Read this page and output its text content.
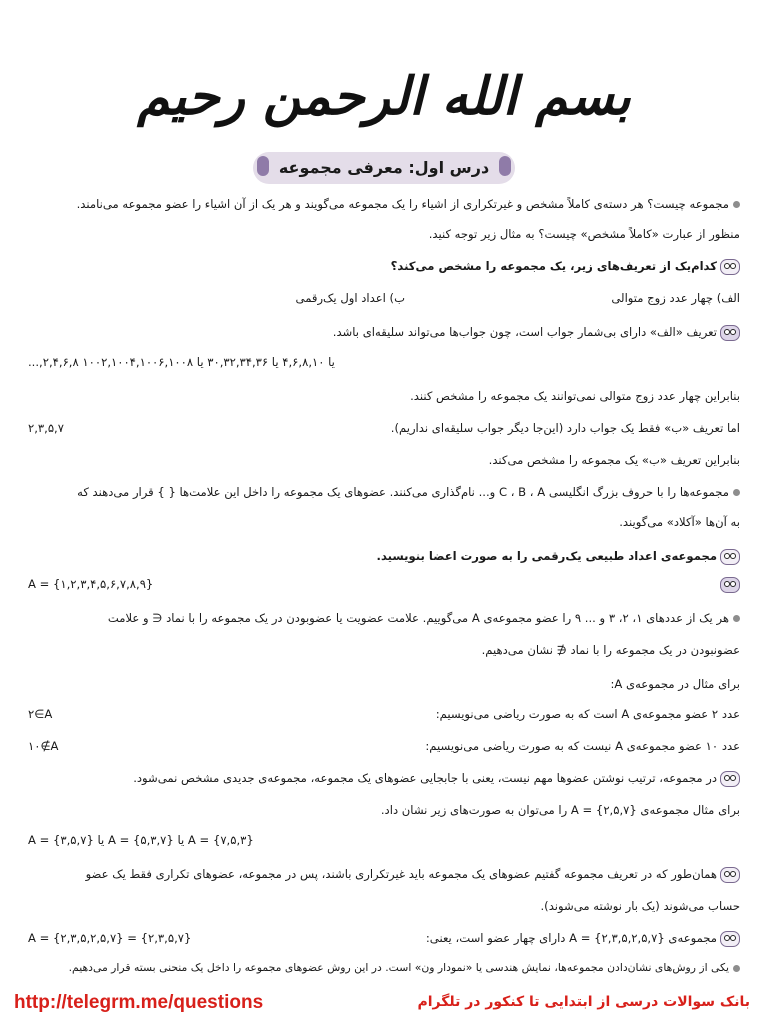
بسم الله الرحمن رحیم
درس اول: معرفی مجموعه
مجموعه چیست؟ هر دسته‌ی کاملاً مشخص و غیرتکراری از اشیاء را یک مجموعه می‌گویند و هر یک از آن اشیاء را عضو مجموعه می‌نامند.
منظور از عبارت «کاملاً مشخص» چیست؟ به مثال زیر توجه کنید.
کدام‌یک از تعریف‌های زیر، یک مجموعه را مشخص می‌کند؟
الف) چهار عدد زوج متوالی
ب) اعداد اول یک‌رقمی
تعریف «الف» دارای بی‌شمار جواب است، چون جواب‌ها می‌تواند سلیقه‌ای باشد.
...,۲,۴,۶,۸ یا ۴,۶,۸,۱۰ یا ۳۰,۳۲,۳۴,۳۶ یا ۱۰۰۲,۱۰۰۴,۱۰۰۶,۱۰۰۸
بنابراین چهار عدد زوج متوالی نمی‌توانند یک مجموعه را مشخص کنند.
اما تعریف «ب» فقط یک جواب دارد (این‌جا دیگر جواب سلیقه‌ای نداریم).
۲,۳,۵,۷
بنابراین تعریف «ب» یک مجموعه را مشخص می‌کند.
مجموعه‌ها را با حروف بزرگ انگلیسی C ، B ، A و... نام‌گذاری می‌کنند. عضوهای یک مجموعه را داخل این علامت‌ها { } قرار می‌دهند که
به آن‌ها «آکلاد» می‌گویند.
مجموعه‌ی اعداد طبیعی یک‌رقمی را به صورت اعضا بنویسید.
A = {۱,۲,۳,۴,۵,۶,۷,۸,۹}
هر یک از عددهای ۱، ۲، ۳ و ... ۹ را عضو مجموعه‌ی A می‌گوییم. علامت عضویت یا عضوبودن در یک مجموعه را با نماد ∈ و علامت
عضونبودن در یک مجموعه را با نماد ∉ نشان می‌دهیم.
برای مثال در مجموعه‌ی A:
عدد ۲ عضو مجموعه‌ی A است که به صورت ریاضی می‌نویسیم:
۲∈A
عدد ۱۰ عضو مجموعه‌ی A نیست که به صورت ریاضی می‌نویسیم:
۱۰∉A
در مجموعه، ترتیب نوشتن عضوها مهم نیست، یعنی با جابجایی عضوهای یک مجموعه، مجموعه‌ی جدیدی مشخص نمی‌شود.
برای مثال مجموعه‌ی {۲,۵,۷} = A را می‌توان به صورت‌های زیر نشان داد.
A = {۳,۵,۷} یا A = {۵,۳,۷} یا A = {۷,۵,۳}
همان‌طور که در تعریف مجموعه گفتیم عضوهای یک مجموعه باید غیرتکراری باشند، پس در مجموعه، عضوهای تکراری فقط یک عضو
حساب می‌شوند (یک بار نوشته می‌شوند).
مجموعه‌ی {۲,۳,۵,۲,۵,۷} = A دارای چهار عضو است، یعنی:
A = {۲,۳,۵,۲,۵,۷} = {۲,۳,۵,۷}
یکی از روش‌های نشان‌دادن مجموعه‌ها، نمایش هندسی یا «نمودار ون» است. در این روش عضوهای مجموعه را داخل یک منحنی بسته قرار می‌دهیم.
http://telegrm.me/questions	بانک سوالات درسی از ابتدایی تا کنکور در تلگرام
